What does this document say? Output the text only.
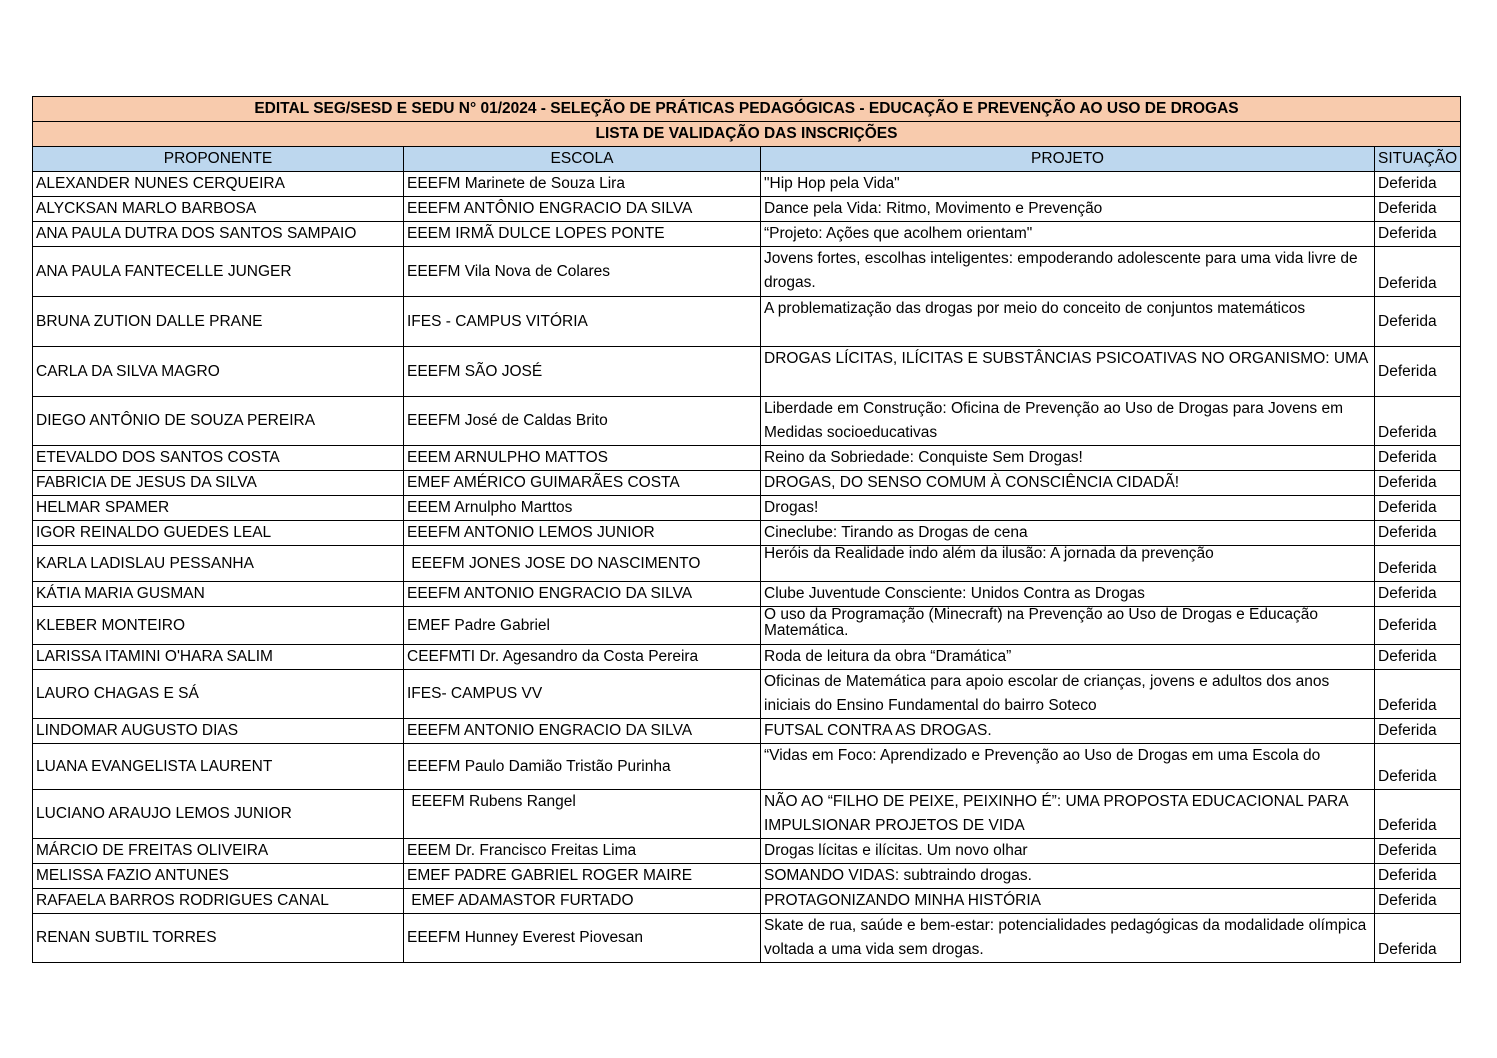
EDITAL SEG/SESD E SEDU N° 01/2024 - SELEÇÃO DE PRÁTICAS PEDAGÓGICAS - EDUCAÇÃO E PREVENÇÃO AO USO DE DROGAS			
LISTA DE VALIDAÇÃO DAS INSCRIÇÕES			
PROPONENTE	ESCOLA	PROJETO	SITUAÇÃO
ALEXANDER NUNES CERQUEIRA	EEEFM Marinete de Souza Lira	"Hip Hop pela Vida"	Deferida
ALYCKSAN MARLO BARBOSA	EEEFM ANTÔNIO ENGRACIO DA SILVA	Dance pela Vida: Ritmo, Movimento e Prevenção	Deferida
ANA PAULA DUTRA DOS SANTOS SAMPAIO	EEEM IRMÃ DULCE LOPES PONTE	“Projeto: Ações que acolhem orientam"	Deferida
ANA PAULA FANTECELLE JUNGER	EEEFM Vila Nova de Colares	Jovens fortes, escolhas inteligentes: empoderando adolescente para uma vida livre de drogas.	Deferida
BRUNA ZUTION DALLE PRANE	IFES - CAMPUS VITÓRIA	A problematização das drogas por meio do conceito de conjuntos matemáticos	Deferida
CARLA DA SILVA MAGRO	EEEFM SÃO JOSÉ	DROGAS LÍCITAS, ILÍCITAS E SUBSTÂNCIAS PSICOATIVAS NO ORGANISMO: UMA	Deferida
DIEGO ANTÔNIO DE SOUZA PEREIRA	EEEFM José de Caldas Brito	Liberdade em Construção: Oficina de Prevenção ao Uso de Drogas para Jovens em Medidas socioeducativas	Deferida
ETEVALDO DOS SANTOS COSTA	EEEM ARNULPHO MATTOS	Reino da Sobriedade: Conquiste Sem Drogas!	Deferida
FABRICIA DE JESUS DA SILVA	EMEF AMÉRICO GUIMARÃES COSTA	DROGAS, DO SENSO COMUM À CONSCIÊNCIA CIDADÃ!	Deferida
HELMAR SPAMER	EEEM Arnulpho Marttos	Drogas!	Deferida
IGOR REINALDO GUEDES LEAL	EEEFM ANTONIO LEMOS JUNIOR	Cineclube: Tirando as Drogas de cena	Deferida
KARLA LADISLAU PESSANHA	EEEFM JONES JOSE DO NASCIMENTO	Heróis da Realidade indo além da ilusão: A jornada da prevenção	Deferida
KÁTIA MARIA GUSMAN	EEEFM ANTONIO ENGRACIO DA SILVA	Clube Juventude Consciente: Unidos Contra as Drogas	Deferida
KLEBER MONTEIRO	EMEF Padre Gabriel	O uso da Programação (Minecraft) na Prevenção ao Uso de Drogas e Educação Matemática.	Deferida
LARISSA ITAMINI O'HARA SALIM	CEEFMTI Dr. Agesandro da Costa Pereira	Roda de leitura da obra “Dramática”	Deferida
LAURO CHAGAS E SÁ	IFES- CAMPUS VV	Oficinas de Matemática para apoio escolar de crianças, jovens e adultos dos anos iniciais do Ensino Fundamental do bairro Soteco	Deferida
LINDOMAR AUGUSTO DIAS	EEEFM ANTONIO ENGRACIO DA SILVA	FUTSAL CONTRA AS DROGAS.	Deferida
LUANA EVANGELISTA LAURENT	EEEFM Paulo Damião Tristão Purinha	“Vidas em Foco: Aprendizado e Prevenção ao Uso de Drogas em uma Escola do	Deferida
LUCIANO ARAUJO LEMOS JUNIOR	EEEFM Rubens Rangel	NÃO AO “FILHO DE PEIXE, PEIXINHO É”: UMA PROPOSTA EDUCACIONAL PARA IMPULSIONAR PROJETOS DE VIDA	Deferida
MÁRCIO DE FREITAS OLIVEIRA	EEEM Dr. Francisco Freitas Lima	Drogas lícitas e ilícitas. Um novo olhar	Deferida
MELISSA FAZIO ANTUNES	EMEF PADRE GABRIEL ROGER MAIRE	SOMANDO VIDAS: subtraindo drogas.	Deferida
RAFAELA BARROS RODRIGUES CANAL	EMEF ADAMASTOR FURTADO	PROTAGONIZANDO MINHA HISTÓRIA	Deferida
RENAN SUBTIL TORRES	EEEFM Hunney Everest Piovesan	Skate de rua, saúde e bem-estar: potencialidades pedagógicas da modalidade olímpica voltada a uma vida sem drogas.	Deferida
